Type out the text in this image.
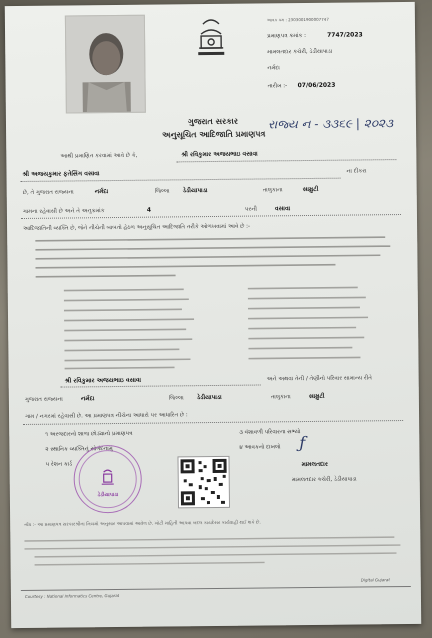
આવક ક્રમ : 2303001900007747
પ્રમાણપત્ર ક્રમાંક :	7747/2023
મામલતદાર કચેરી, ડેડીયાપાડા
નર્મદા
તારીખ :- 07/06/2023
ગુજરાત સરકાર
અનુસૂચિત આદિજાતિ પ્રમાણપત્ર
રાજ્ય ન - ૩૩૬૯ | ૨૦૨૩
આથી પ્રમાણિત કરવામાં આવે છે કે,	શ્રી રવિકુમાર અજયભાઇ વસાવા
શ્રી અજયકુમાર ફતેસિંગ વસાવા	ના દીકરા
છે, તે ગુજરાત રાજ્યના	નર્મદા	જિલ્લા ડેડીયાપાડા	તાલુકાના	સામ્રુટી
ગામના રહેવાસી છે અને તે અનુક્રમાંક	4	પરની	વસાવા
આદિજાતિની વ્યક્તિ છે, જેને નીચેની બાબતો હેઠળ અનુસૂચિત આદિજાતિ તરીકે ઓળખવામાં આવે છે :-
શ્રી રવિકુમાર અજયભાઇ વસાવા	અને અથવા તેની / તેણીનો પરિવાર સામાન્ય રીતે
ગુજરાત રાજ્યના	નર્મદા	જિલ્લા ડેડીયાપાડા	તાલુકાના	સામ્રુટી
ગામ / નગરમાં રહેવાસી છે. આ પ્રમાણપત્ર નીચેના આધારો પર આધારિત છે :
૧ અરજદારનો શાળા છોડ્યાનો પ્રમાણપત્ર
૨ સ્થાનિક વ્યક્તિનું સોગંદનામું
૫ રેશન કાર્ડ
૩ વંશાવળી પરિવારના સભ્યો
૪ આવકનો દાખલો
ડેડીયાપાડા
ƒ
મામલતદાર
મામલતદાર કચેરી, ડેડીયાપાડા
નોંધ :- આ પ્રમાણપત્ર સરકારશ્રીના નિયમો અનુસાર આપવામાં આવેલ છે. ખોટી માહિતી આપવા બદલ કાયદેસર કાર્યવાહી થઈ શકે છે.
Courtesy : National Informatics Centre, Gujarat
Digital Gujarat
